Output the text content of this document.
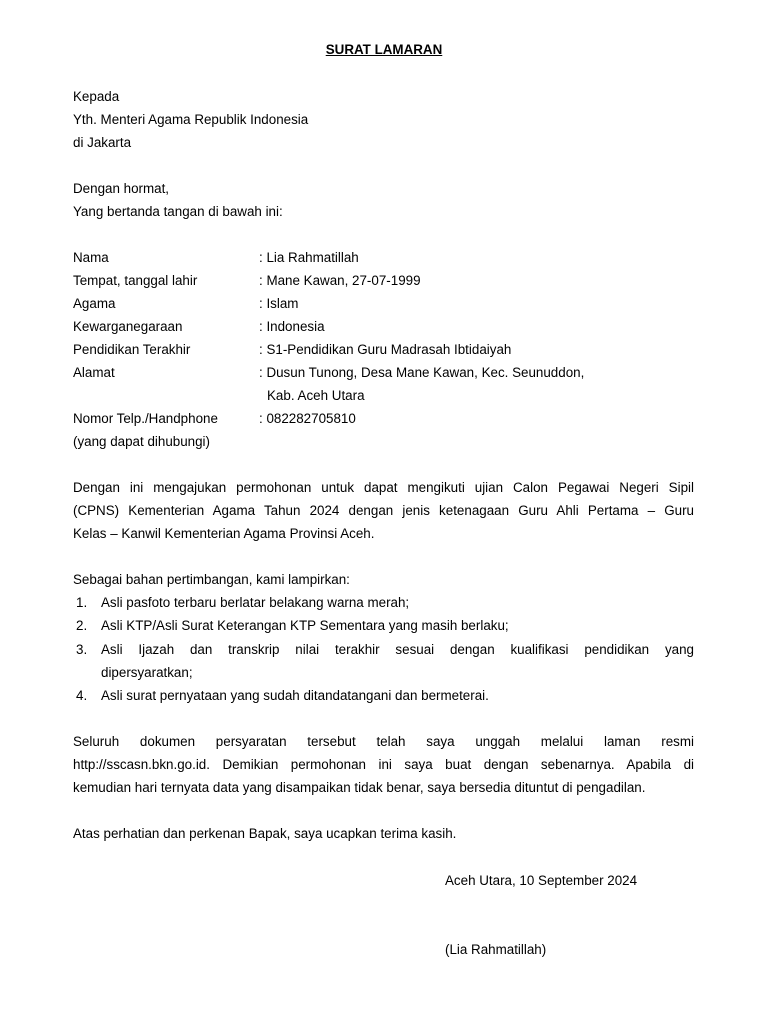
SURAT LAMARAN
Kepada
Yth. Menteri Agama Republik Indonesia
di Jakarta
Dengan hormat,
Yang bertanda tangan di bawah ini:
Nama	: Lia Rahmatillah
Tempat, tanggal lahir	: Mane Kawan, 27-07-1999
Agama	: Islam
Kewarganegaraan	: Indonesia
Pendidikan Terakhir	: S1-Pendidikan Guru Madrasah Ibtidaiyah
Alamat	: Dusun Tunong, Desa Mane Kawan, Kec. Seunuddon,
Kab. Aceh Utara
Nomor Telp./Handphone	: 082282705810
(yang dapat dihubungi)
Dengan ini mengajukan permohonan untuk dapat mengikuti ujian Calon Pegawai Negeri Sipil
(CPNS) Kementerian Agama Tahun 2024 dengan jenis ketenagaan Guru Ahli Pertama – Guru
Kelas – Kanwil Kementerian Agama Provinsi Aceh.
Sebagai bahan pertimbangan, kami lampirkan:
1. Asli pasfoto terbaru berlatar belakang warna merah;
2. Asli KTP/Asli Surat Keterangan KTP Sementara yang masih berlaku;
3. Asli Ijazah dan transkrip nilai terakhir sesuai dengan kualifikasi pendidikan yang
dipersyaratkan;
4. Asli surat pernyataan yang sudah ditandatangani dan bermeterai.
Seluruh dokumen persyaratan tersebut telah saya unggah melalui laman resmi
http://sscasn.bkn.go.id. Demikian permohonan ini saya buat dengan sebenarnya. Apabila di
kemudian hari ternyata data yang disampaikan tidak benar, saya bersedia dituntut di pengadilan.
Atas perhatian dan perkenan Bapak, saya ucapkan terima kasih.
Aceh Utara, 10 September 2024
(Lia Rahmatillah)
